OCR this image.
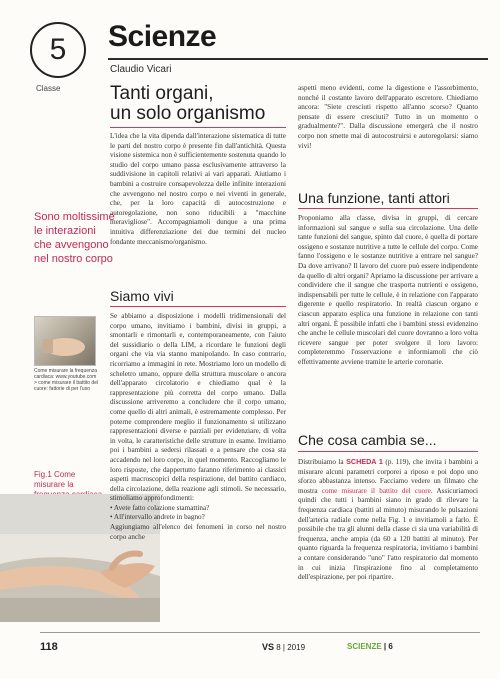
5
Classe
Scienze
Claudio Vicari
Sono moltissime le interazioni che avvengono nel nostro corpo
Come misurare la frequenza cardiaca: www.youtube.com > come misurare il battito del cuore: fattorie di per l'uso
Fig.1 Come misurare la
Tanti organi,
un solo organismo

L'idea che la vita dipenda dall'interazione sistematica di tutte le parti del nostro corpo è presente fin dall'antichità. Questa visione sistemica non è sufficientemente sostenuta quando lo studio del corpo umano passa esclusivamente attraverso la suddivisione in capitoli relativi ai vari apparati. Aiutiamo i bambini a costruire consapevolezza delle infinite interazioni che avvengono nel nostro corpo e nei viventi in generale, che, per la loro capacità di autocostruzione e autoregolazione, non sono riducibili a "macchine meravigliose". Accompagniamoli dunque a una prima intuitiva differenziazione dei due termini del nucleo fondante meccanismo/organismo.

Siamo vivi

Se abbiamo a disposizione i modelli tridimensionali del corpo umano, invitiamo i bambini, divisi in gruppi, a smontarli e rimontarli e, contemporaneamente, con l'aiuto del sussidiario o della LIM, a ricordare le funzioni degli organi che via via stanno manipolando. In caso contrario, ricorriamo a immagini in rete. Mostriamo loro un modello di scheletro umano, oppure della struttura muscolare o ancora dell'apparato circolatorio e chiediamo qual è la rappresentazione più corretta del corpo umano. Dalla discussione arriveremo a concludere che il corpo umano, come quello di altri animali, è estremamente complesso. Per poterne comprendere meglio il funzionamento si utilizzano rappresentazioni diverse e parziali per evidenziare, di volta in volta, le caratteristiche delle strutture in esame. Invitiamo poi i bambini a sedersi rilassati e a pensare che cosa sta accadendo nel loro corpo, in quel momento. Raccogliamo le loro risposte, che dappertutto faranno riferimento ai classici aspetti macroscopici della respirazione, del battito cardiaco, della circolazione, della reazione agli stimoli. Se necessario, stimoliamo approfondimenti:

• Avete fatto colazione stamattina?

• All'intervallo andrete in bagno?

Aggiungiamo all'elenco dei fenomeni in corso nel nostro corpo anche

aspetti meno evidenti, come la digestione e l'assorbimento, nonché il costante lavoro dell'apparato escretore. Chiediamo ancora: "Siete cresciuti rispetto all'anno scorso? Quanto pensate di essere cresciuti? Tutto in un momento o gradualmente?". Dalla discussione emergerà che il nostro corpo non smette mai di autocostruirsi e autoregolarsi: siamo vivi!

Una funzione, tanti attori

Proponiamo alla classe, divisa in gruppi, di cercare informazioni sul sangue e sulla sua circolazione. Una delle tante funzioni del sangue, spinto dal cuore, è quella di portare ossigeno e sostanze nutritive a tutte le cellule del corpo. Come fanno l'ossigeno e le sostanze nutritive a entrare nel sangue? Da dove arrivano? Il lavoro del cuore può essere indipendente da quello di altri organi? Apriamo la discussione per arrivare a condividere che il sangue che trasporta nutrienti e ossigeno, indispensabili per tutte le cellule, è in relazione con l'apparato digerente e quello respiratorio. In realtà ciascun organo e ciascun apparato esplica una funzione in relazione con tanti altri organi. È possibile infatti che i bambini stessi evidenzino che anche le cellule muscolari del cuore dovranno a loro volta ricevere sangue per poter svolgere il loro lavoro: completeremmo l'osservazione e informiamoli che ciò effettivamente avviene tramite le arterie coronarie.

Che cosa cambia se...

Distribuiamo la SCHEDA 1 (p. 119), che invita i bambini a misurare alcuni parametri corporei a riposo e poi dopo uno sforzo abbastanza intenso. Facciamo vedere un filmato che mostra come misurare il battito del cuore. Assicuriamoci quindi che tutti i bambini siano in grado di rilevare la frequenza cardiaca (battiti al minuto) misurando le pulsazioni dell'arteria radiale come nella Fig. 1 e invitiamoli a farlo. È possibile che tra gli alunni della classe ci sia una variabilità di frequenza, anche ampia (da 60 a 120 battiti al minuto). Per quanto riguarda la frequenza respiratoria, invitiamo i bambini a contare considerando "uno" l'atto respiratorio dal momento in cui inizia l'inspirazione fino al completamento dell'espirazione, per poi ripartire.

118	VS 8 | 2019	SCIENZE | 6
